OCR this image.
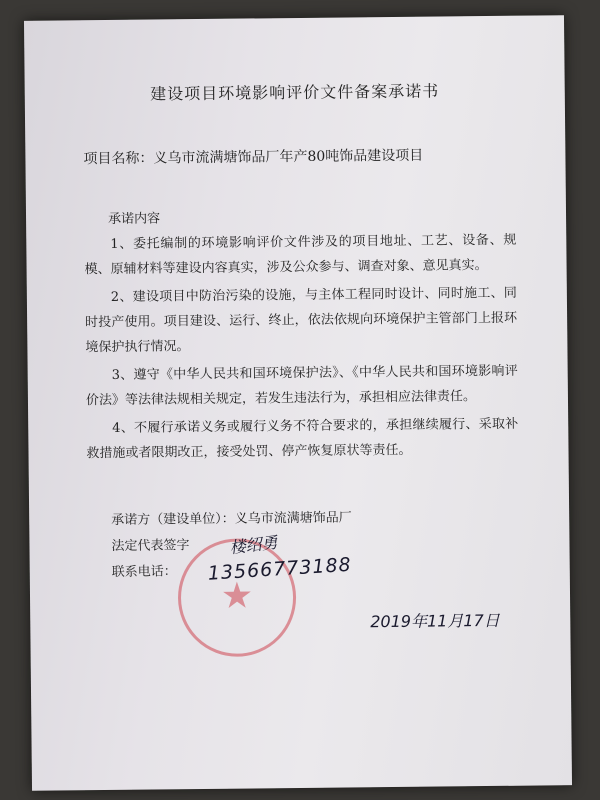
建设项目环境影响评价文件备案承诺书
项目名称：义乌市流满塘饰品厂年产80吨饰品建设项目
承诺内容

1、委托编制的环境影响评价文件涉及的项目地址、工艺、设备、规模、原辅材料等建设内容真实，涉及公众参与、调查对象、意见真实。

2、建设项目中防治污染的设施，与主体工程同时设计、同时施工、同时投产使用。项目建设、运行、终止，依法依规向环境保护主管部门上报环境保护执行情况。

3、遵守《中华人民共和国环境保护法》、《中华人民共和国环境影响评价法》等法律法规相关规定，若发生违法行为，承担相应法律责任。

4、不履行承诺义务或履行义务不符合要求的，承担继续履行、采取补救措施或者限期改正，接受处罚、停产恢复原状等责任。

★
承诺方（建设单位）：义乌市流满塘饰品厂
法定代表签字
联系电话：
楼绍勇
13566773188
2019年11月17日
